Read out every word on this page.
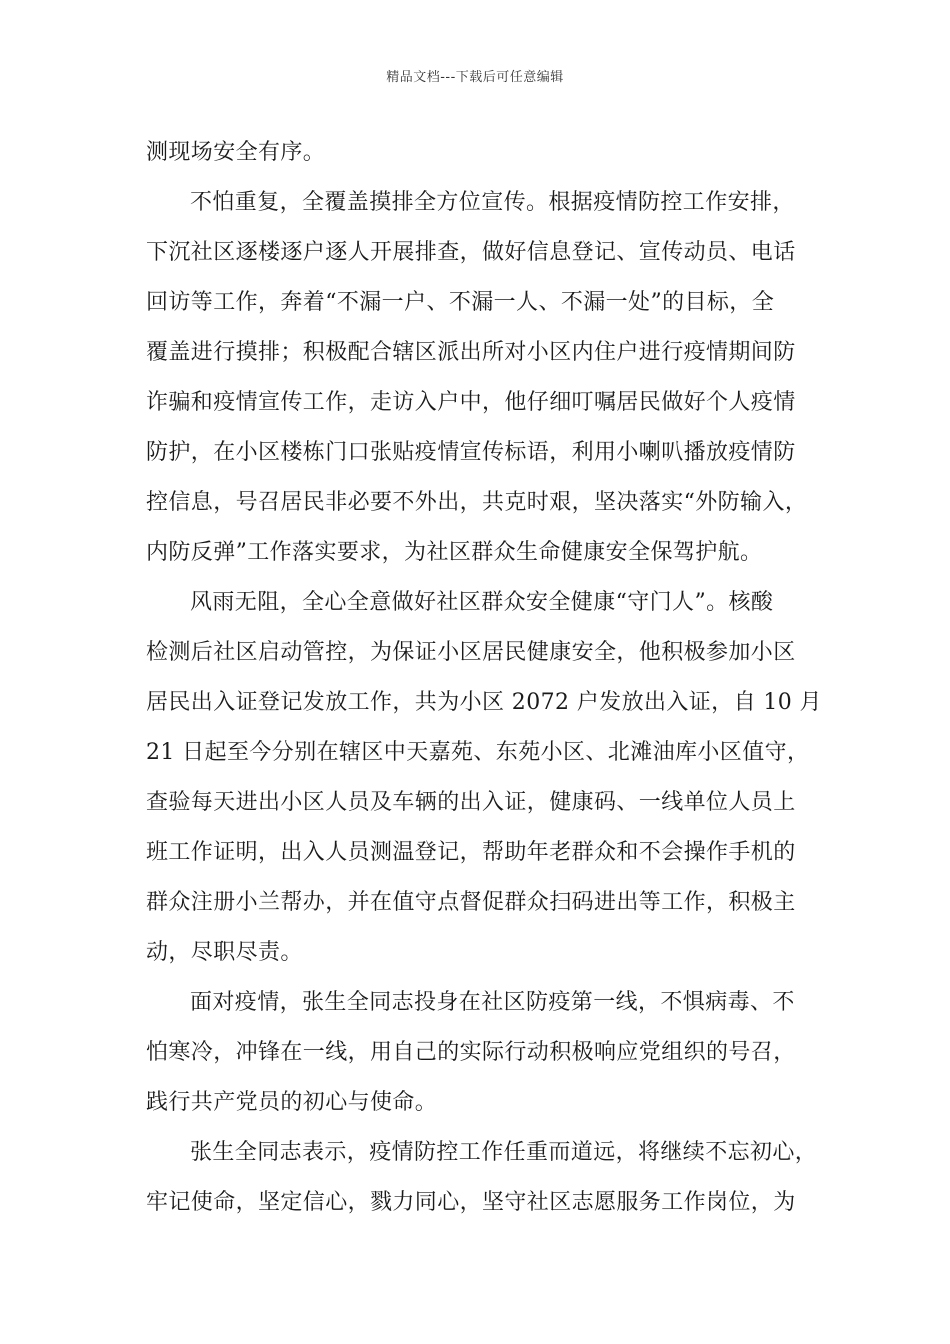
精品文档---下载后可任意编辑
测现场安全有序。
不怕重复，全覆盖摸排全方位宣传。根据疫情防控工作安排，
下沉社区逐楼逐户逐人开展排查，做好信息登记、宣传动员、电话
回访等工作，奔着“不漏一户、不漏一人、不漏一处”的目标，全
覆盖进行摸排；积极配合辖区派出所对小区内住户进行疫情期间防
诈骗和疫情宣传工作，走访入户中，他仔细叮嘱居民做好个人疫情
防护，在小区楼栋门口张贴疫情宣传标语，利用小喇叭播放疫情防
控信息，号召居民非必要不外出，共克时艰，坚决落实“外防输入，
内防反弹”工作落实要求，为社区群众生命健康安全保驾护航。
风雨无阻，全心全意做好社区群众安全健康“守门人”。核酸
检测后社区启动管控，为保证小区居民健康安全，他积极参加小区
居民出入证登记发放工作，共为小区 2072 户发放出入证，自 10 月
21 日起至今分别在辖区中天嘉苑、东苑小区、北滩油库小区值守，
查验每天进出小区人员及车辆的出入证，健康码、一线单位人员上
班工作证明，出入人员测温登记，帮助年老群众和不会操作手机的
群众注册小兰帮办，并在值守点督促群众扫码进出等工作，积极主
动，尽职尽责。
面对疫情，张生全同志投身在社区防疫第一线，不惧病毒、不
怕寒冷，冲锋在一线，用自己的实际行动积极响应党组织的号召，
践行共产党员的初心与使命。
张生全同志表示，疫情防控工作任重而道远，将继续不忘初心，
牢记使命，坚定信心，戮力同心，坚守社区志愿服务工作岗位，为
